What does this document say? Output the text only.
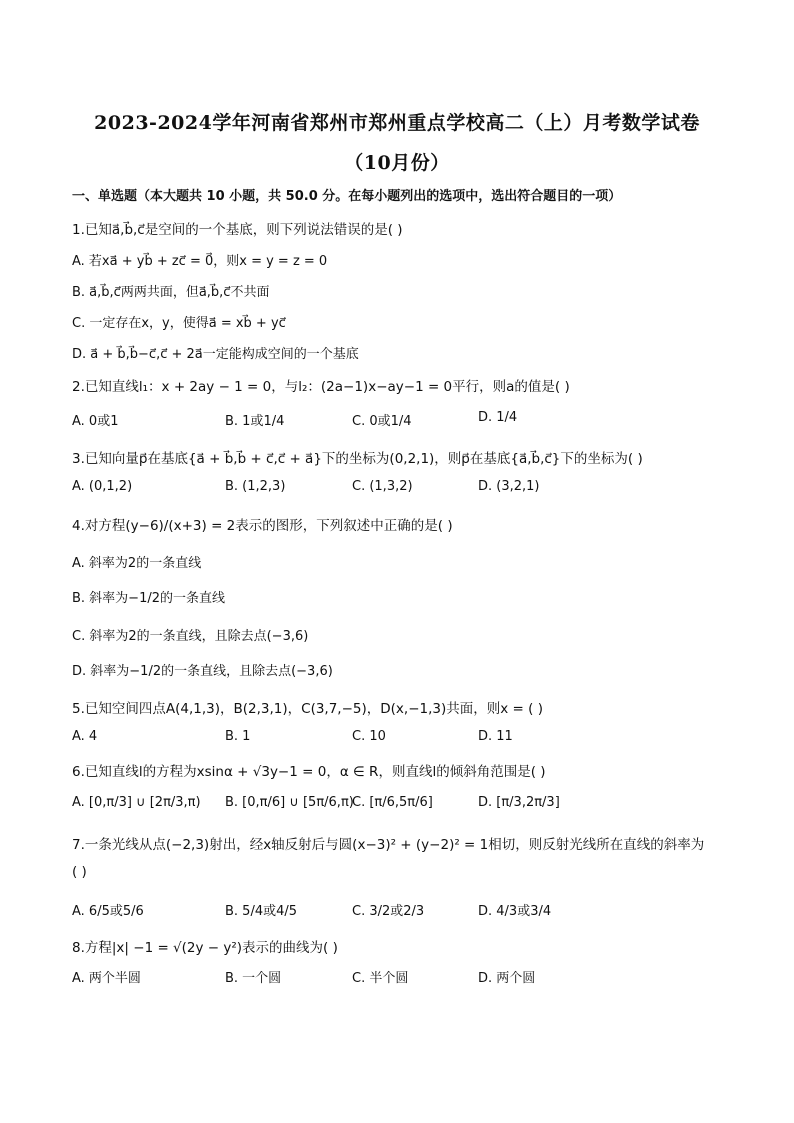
2023-2024学年河南省郑州市郑州重点学校高二（上）月考数学试卷
（10月份）
一、单选题（本大题共 10 小题，共 50.0 分。在每小题列出的选项中，选出符合题目的一项）
1.已知a⃗,b⃗,c⃗是空间的一个基底，则下列说法错误的是( )
A. 若xa⃗ + yb⃗ + zc⃗ = 0⃗，则x = y = z = 0
B. a⃗,b⃗,c⃗两两共面，但a⃗,b⃗,c⃗不共面
C. 一定存在x，y，使得a⃗ = xb⃗ + yc⃗
D. a⃗ + b⃗,b⃗−c⃗,c⃗ + 2a⃗一定能构成空间的一个基底
2.已知直线l₁：x + 2ay − 1 = 0，与l₂：(2a−1)x−ay−1 = 0平行，则a的值是( )
A. 0或1	B. 1或1/4	C. 0或1/4	D. 1/4
3.已知向量p⃗在基底{a⃗ + b⃗,b⃗ + c⃗,c⃗ + a⃗}下的坐标为(0,2,1)，则p⃗在基底{a⃗,b⃗,c⃗}下的坐标为( )
A. (0,1,2)	B. (1,2,3)	C. (1,3,2)	D. (3,2,1)
4.对方程(y−6)/(x+3) = 2表示的图形，下列叙述中正确的是( )
A. 斜率为2的一条直线
B. 斜率为−1/2的一条直线
C. 斜率为2的一条直线，且除去点(−3,6)
D. 斜率为−1/2的一条直线，且除去点(−3,6)
5.已知空间四点A(4,1,3)，B(2,3,1)，C(3,7,−5)，D(x,−1,3)共面，则x = ( )
A. 4	B. 1	C. 10	D. 11
6.已知直线l的方程为xsinα + √3y−1 = 0，α ∈ R，则直线l的倾斜角范围是( )
A. [0,π/3] ∪ [2π/3,π) B. [0,π/6] ∪ [5π/6,π)
C. [π/6,5π/6]	D. [π/3,2π/3]
7.一条光线从点(−2,3)射出，经x轴反射后与圆(x−3)² + (y−2)² = 1相切，则反射光线所在直线的斜率为
( )
A. 6/5或5/6	B. 5/4或4/5	C. 3/2或2/3	D. 4/3或3/4
8.方程|x| −1 = √(2y − y²)表示的曲线为( )
A. 两个半圆	B. 一个圆	C. 半个圆	D. 两个圆
